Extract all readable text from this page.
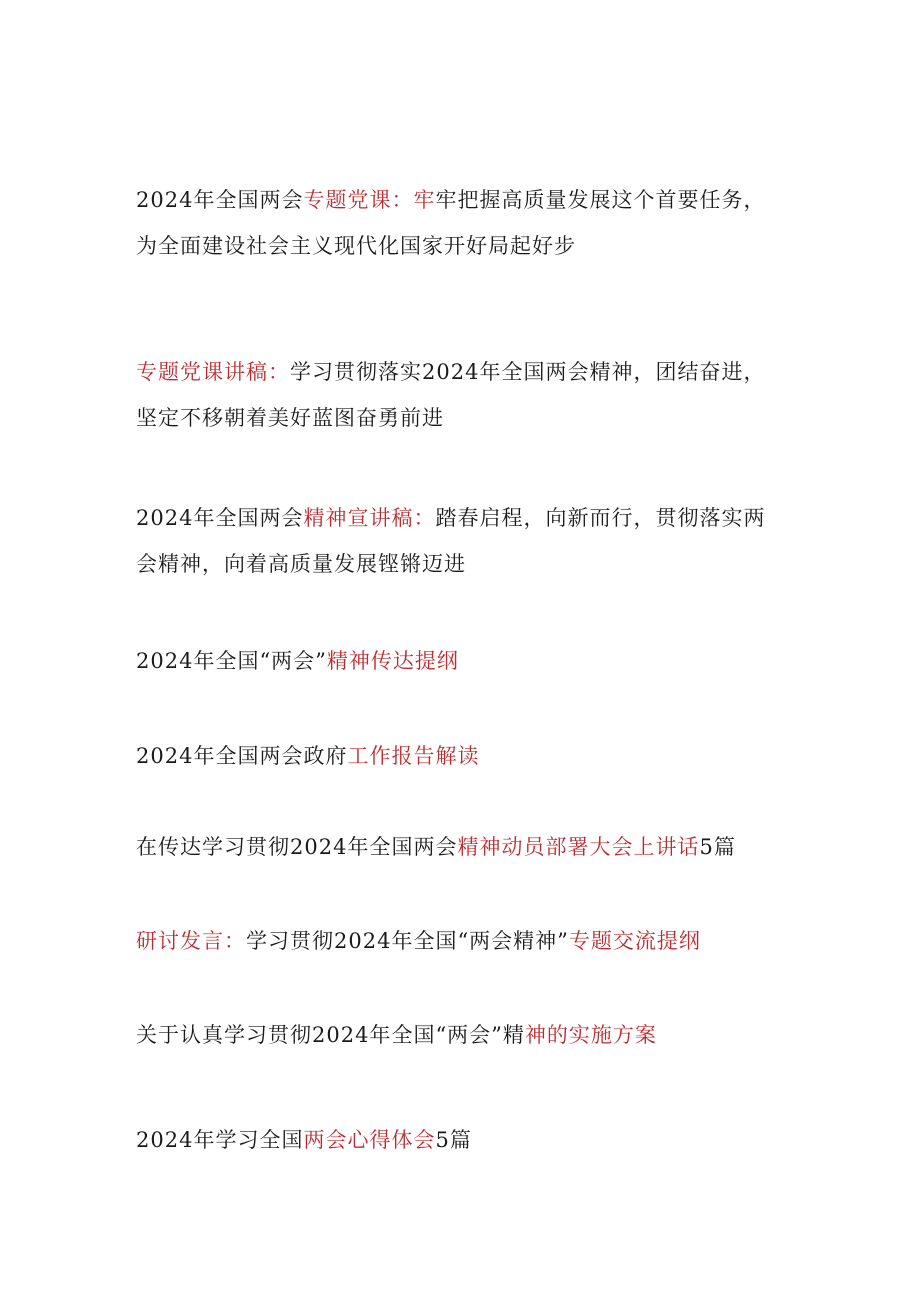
2024年全国两会专题党课：牢牢把握高质量发展这个首要任务，
为全面建设社会主义现代化国家开好局起好步
专题党课讲稿：学习贯彻落实2024年全国两会精神，团结奋进，
坚定不移朝着美好蓝图奋勇前进
2024年全国两会精神宣讲稿：踏春启程，向新而行，贯彻落实两
会精神，向着高质量发展铿锵迈进
2024年全国“两会”精神传达提纲
2024年全国两会政府工作报告解读
在传达学习贯彻2024年全国两会精神动员部署大会上讲话5篇
研讨发言：学习贯彻2024年全国“两会精神”专题交流提纲
关于认真学习贯彻2024年全国“两会”精神的实施方案
2024年学习全国两会心得体会5篇
